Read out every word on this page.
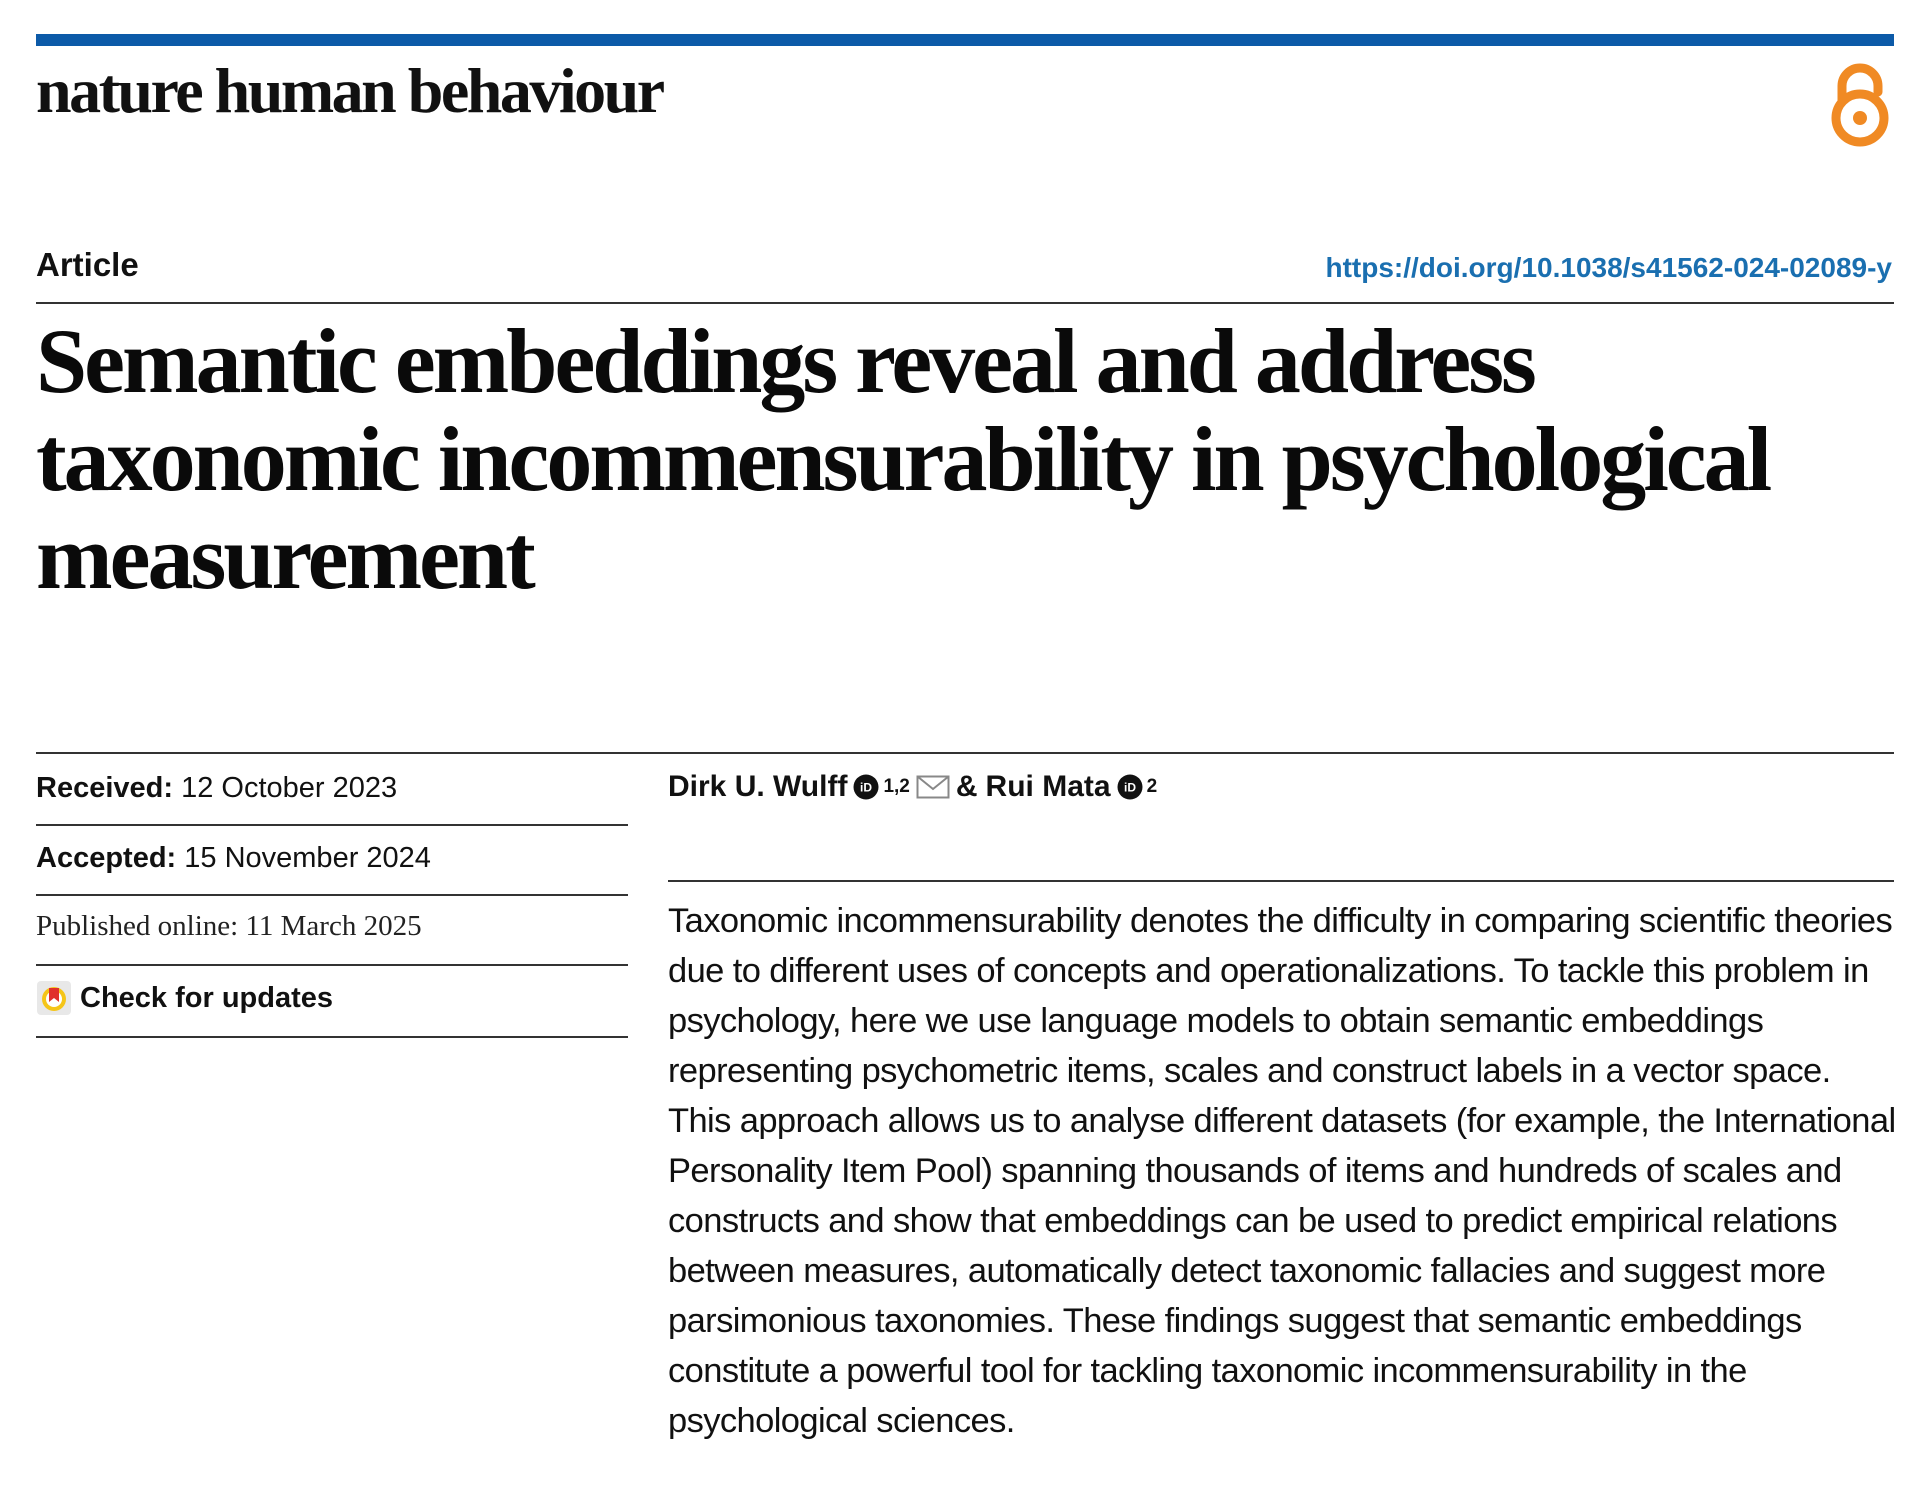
nature human behaviour
Article	https://doi.org/10.1038/s41562-024-02089-y
Semantic embeddings reveal and address taxonomic incommensurability in psychological measurement
Received: 12 October 2023
Accepted: 15 November 2024
Published online: 11 March 2025
Check for updates
Dirk U. Wulff iD 1,2 & Rui Mata iD 2

Taxonomic incommensurability denotes the difficulty in comparing scientific theories due to different uses of concepts and operationalizations. To tackle this problem in psychology, here we use language models to obtain semantic embeddings representing psychometric items, scales and construct labels in a vector space. This approach allows us to analyse different datasets (for example, the International Personality Item Pool) spanning thousands of items and hundreds of scales and constructs and show that embeddings can be used to predict empirical relations between measures, automatically detect taxonomic fallacies and suggest more parsimonious taxonomies. These findings suggest that semantic embeddings constitute a powerful tool for tackling taxonomic incommensurability in the psychological sciences.
